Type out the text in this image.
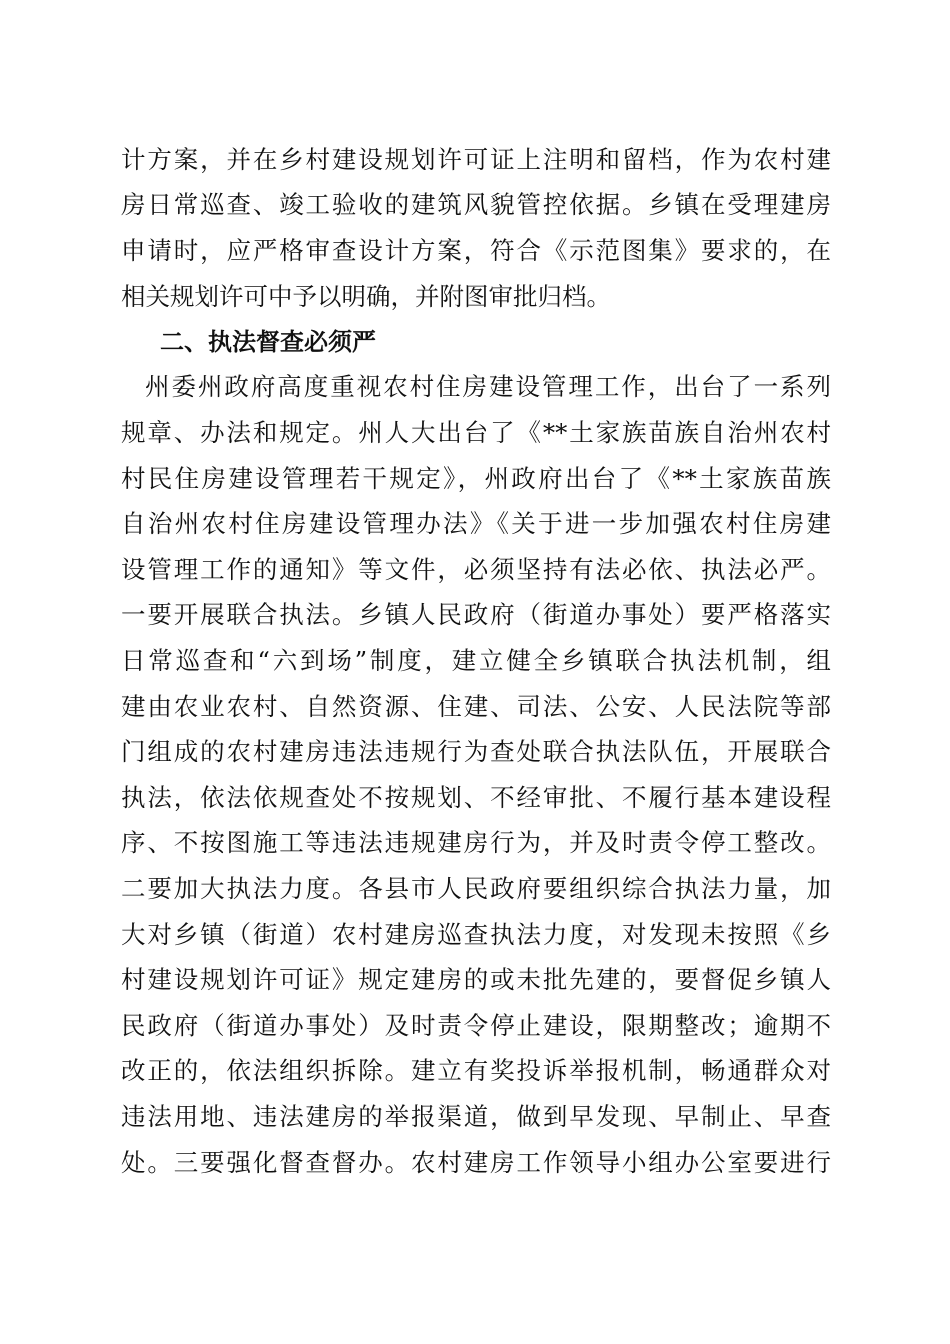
计方案，并在乡村建设规划许可证上注明和留档，作为农村建
房日常巡查、竣工验收的建筑风貌管控依据。乡镇在受理建房
申请时，应严格审查设计方案，符合《示范图集》要求的，在
相关规划许可中予以明确，并附图审批归档。
二、执法督查必须严
州委州政府高度重视农村住房建设管理工作，出台了一系列
规章、办法和规定。州人大出台了《**土家族苗族自治州农村
村民住房建设管理若干规定》，州政府出台了《**土家族苗族
自治州农村住房建设管理办法》《关于进一步加强农村住房建
设管理工作的通知》等文件，必须坚持有法必依、执法必严。
一要开展联合执法。乡镇人民政府（街道办事处）要严格落实
日常巡查和“六到场”制度，建立健全乡镇联合执法机制，组
建由农业农村、自然资源、住建、司法、公安、人民法院等部
门组成的农村建房违法违规行为查处联合执法队伍，开展联合
执法，依法依规查处不按规划、不经审批、不履行基本建设程
序、不按图施工等违法违规建房行为，并及时责令停工整改。
二要加大执法力度。各县市人民政府要组织综合执法力量，加
大对乡镇（街道）农村建房巡查执法力度，对发现未按照《乡
村建设规划许可证》规定建房的或未批先建的，要督促乡镇人
民政府（街道办事处）及时责令停止建设，限期整改；逾期不
改正的，依法组织拆除。建立有奖投诉举报机制，畅通群众对
违法用地、违法建房的举报渠道，做到早发现、早制止、早查
处。三要强化督查督办。农村建房工作领导小组办公室要进行
